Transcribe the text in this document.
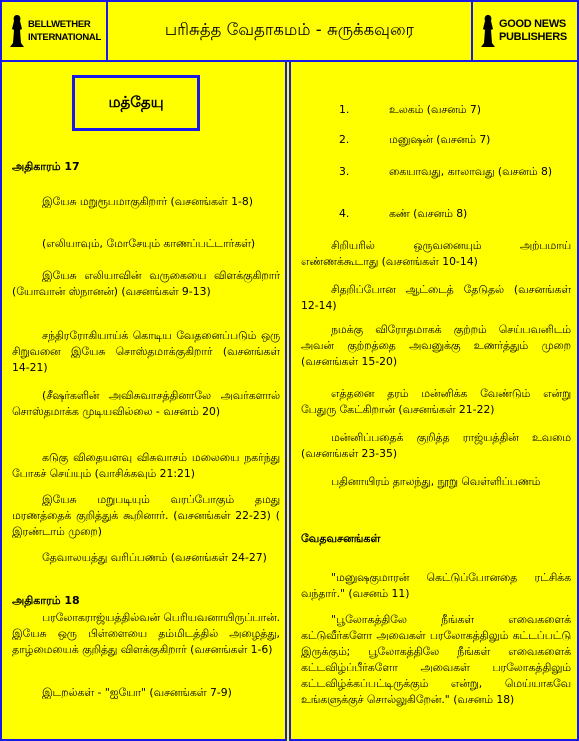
BELLWETHER
INTERNATIONAL	பரிசுத்த வேதாகமம் - சுருக்கவுரை	GOOD NEWS
PUBLISHERS
மத்தேயு
அதிகாரம் 17
இயேசு மறுரூபமாகுகிறார் (வசனங்கள் 1-8)
(எலியாவும், மோசேயும் காணப்பட்டார்கள்)
இயேசு எலியாவின் வருகையை விளக்குகிறார் (யோவான் ஸ்நானன்) (வசனங்கள் 9-13)
சந்திரரோகியாய்க் கொடிய வேதனைப்படும் ஒரு சிறுவனை இயேசு சொஸ்தமாக்குகிறார் (வசனங்கள் 14-21)
(சீஷர்களின் அவிசுவாசத்தினாலே அவர்களால் சொஸ்தமாக்க முடியவில்லை - வசனம் 20)
கடுகு விதையளவு விசுவாசம் மலையை நகர்ந்து போகச் செய்யும் (வாசிக்கவும் 21:21)
இயேசு மறுபடியும் வரப்போகும் தமது மரணத்தைக் குறித்துக் கூறினார். (வசனங்கள் 22-23) ( இரண்டாம் முறை)
தேவாலயத்து வரிப்பணம் (வசனங்கள் 24-27)
அதிகாரம் 18
பரலோகராஜ்யத்தில்வன் பெரியவனாயிருப்பான். இயேசு ஒரு பிள்ளையை தம்மிடத்தில் அழைத்து, தாழ்மையைக் குறித்து விளக்குகிறார் (வசனங்கள் 1-6)
இடறல்கள் - "ஐயோ" (வசனங்கள் 7-9)
1.	உலகம் (வசனம் 7)
2.	மனுஷன் (வசனம் 7)
3.	கையாவது, காலாவது (வசனம் 8)
4.	கண் (வசனம் 8)
சிறியரில் ஒருவனையும் அற்பமாய் எண்ணக்கூடாது (வசனங்கள் 10-14)
சிதறிப்போன ஆட்டைத் தேடுதல் (வசனங்கள் 12-14)
நமக்கு விரோதமாகக் குற்றம் செய்பவனிடம் அவன் குற்றத்தை அவனுக்கு உணர்த்தும் முறை (வசனங்கள் 15-20)
எத்தனை தரம் மன்னிக்க வேண்டும் என்று பேதுரு கேட்கிறான் (வசனங்கள் 21-22)
மன்னிப்பதைக் குறித்த ராஜ்யத்தின் உவமை (வசனங்கள் 23-35)
பதினாயிரம் தாலந்து, நூறு வெள்ளிப்பணம்
வேதவசனங்கள்
"மனுஷகுமாரன் கெட்டுப்போனதை ரட்சிக்க வந்தார்." (வசனம் 11)
"பூலோகத்திலே நீங்கள் எவைகளைக் கட்டுவீர்களோ அவைகள் பரலோகத்திலும் கட்டப்பட்டு இருக்கும்; பூலோகத்திலே நீங்கள் எவைகளைக் கட்டவிழ்ப்பீர்களோ அவைகள் பரலோகத்திலும் கட்டவிழ்க்கப்பட்டிருக்கும் என்று, மெய்யாகவே உங்களுக்குச் சொல்லுகிறேன்." (வசனம் 18)
